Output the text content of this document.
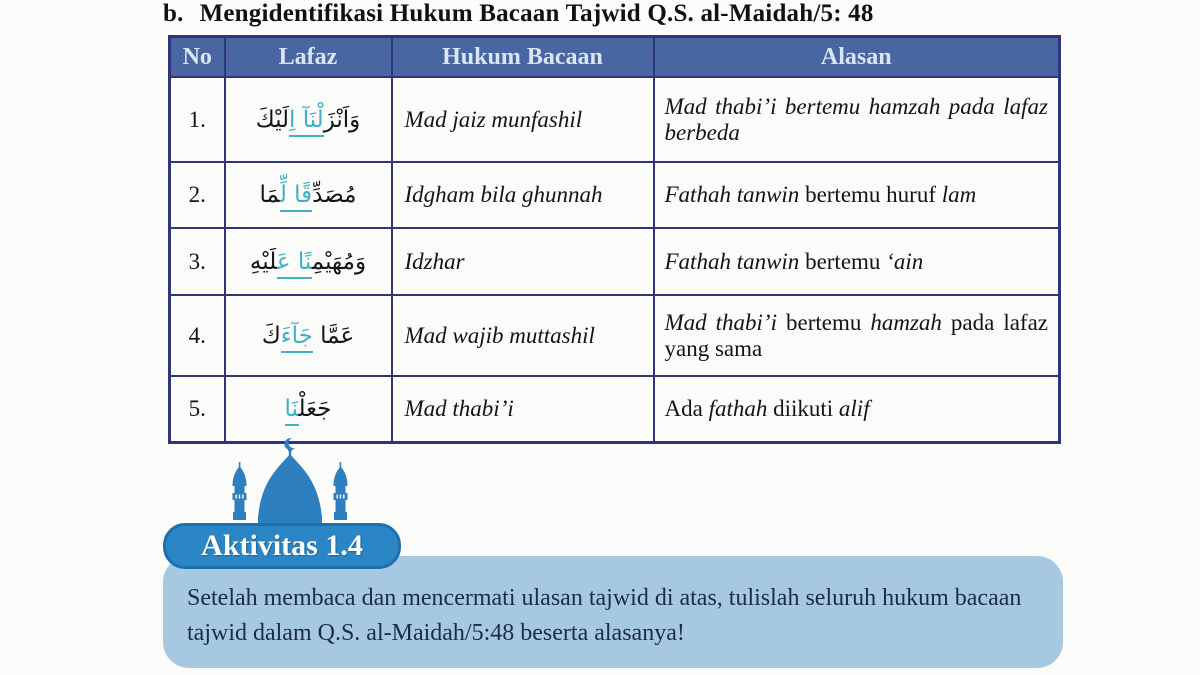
b. Mengidentifikasi Hukum Bacaan Tajwid Q.S. al-Maidah/5: 48
No	Lafaz	Hukum Bacaan	Alasan
1.	وَاَنْزَلْنَآ اِلَيْكَ	Mad jaiz munfashil	Mad thabi’i bertemu hamzah pada lafaz berbeda
2.	مُصَدِّقًا لِّمَا	Idgham bila ghunnah	Fathah tanwin bertemu huruf lam
3.	وَمُهَيْمِنًا عَلَيْهِ	Idzhar	Fathah tanwin bertemu ‘ain
4.	عَمَّا جَآءَكَ	Mad wajib muttashil	Mad thabi’i bertemu hamzah pada lafaz yang sama
5.	جَعَلْنَا	Mad thabi’i	Ada fathah diikuti alif
Setelah membaca dan mencermati ulasan tajwid di atas, tulislah seluruh hukum bacaan tajwid dalam Q.S. al-Maidah/5:48 beserta alasanya!
Aktivitas 1.4
